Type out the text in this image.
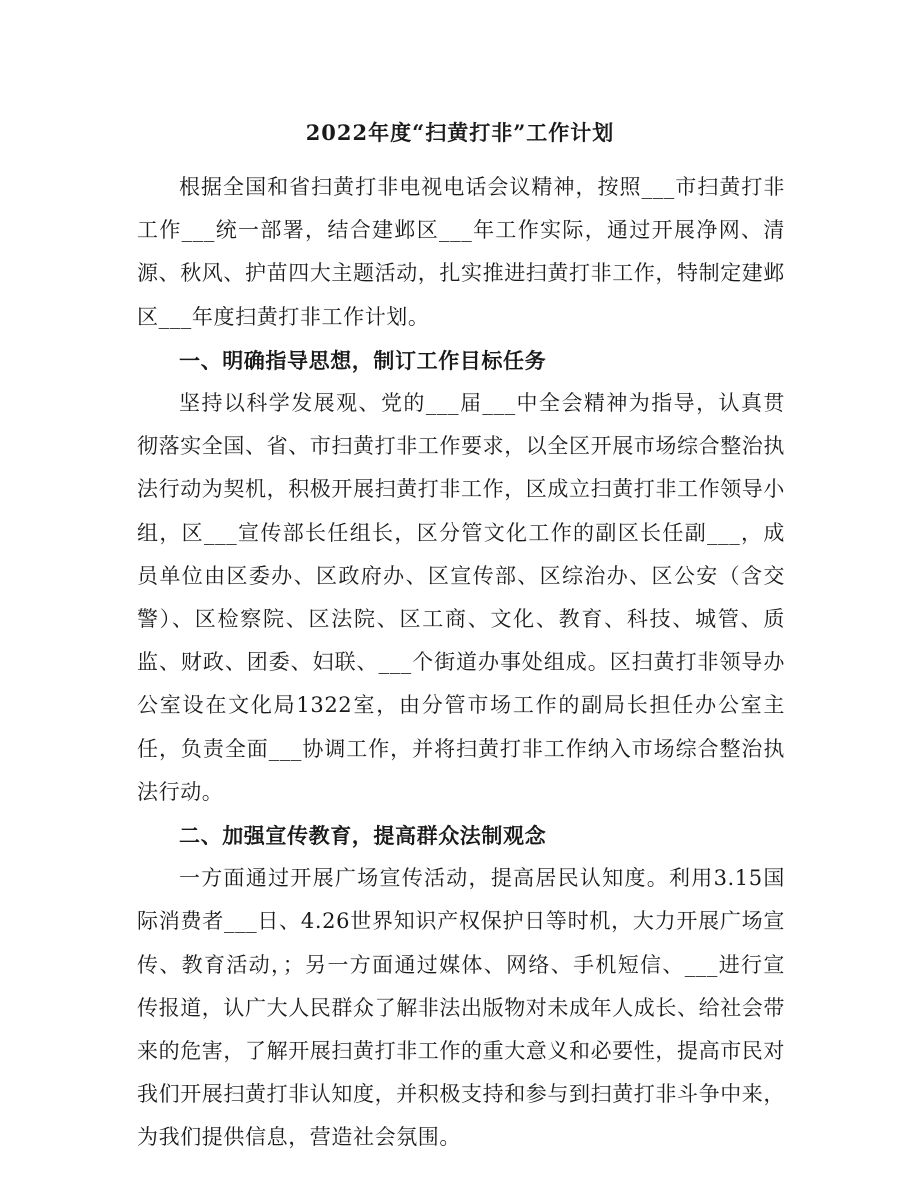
2022年度“扫黄打非”工作计划

根据全国和省扫黄打非电视电话会议精神，按照___市扫黄打非工作___统一部署，结合建邺区___年工作实际，通过开展净网、清源、秋风、护苗四大主题活动，扎实推进扫黄打非工作，特制定建邺区___年度扫黄打非工作计划。

一、明确指导思想，制订工作目标任务

坚持以科学发展观、党的___届___中全会精神为指导，认真贯彻落实全国、省、市扫黄打非工作要求，以全区开展市场综合整治执法行动为契机，积极开展扫黄打非工作，区成立扫黄打非工作领导小组，区___宣传部长任组长，区分管文化工作的副区长任副___，成员单位由区委办、区政府办、区宣传部、区综治办、区公安（含交警）、区检察院、区法院、区工商、文化、教育、科技、城管、质监、财政、团委、妇联、___个街道办事处组成。区扫黄打非领导办公室设在文化局1322室，由分管市场工作的副局长担任办公室主任，负责全面___协调工作，并将扫黄打非工作纳入市场综合整治执法行动。

二、加强宣传教育，提高群众法制观念

一方面通过开展广场宣传活动，提高居民认知度。利用3.15国际消费者___日、4.26世界知识产权保护日等时机，大力开展广场宣传、教育活动，；另一方面通过媒体、网络、手机短信、___进行宣传报道，认广大人民群众了解非法出版物对未成年人成长、给社会带来的危害，了解开展扫黄打非工作的重大意义和必要性，提高市民对我们开展扫黄打非认知度，并积极支持和参与到扫黄打非斗争中来，为我们提供信息，营造社会氛围。
